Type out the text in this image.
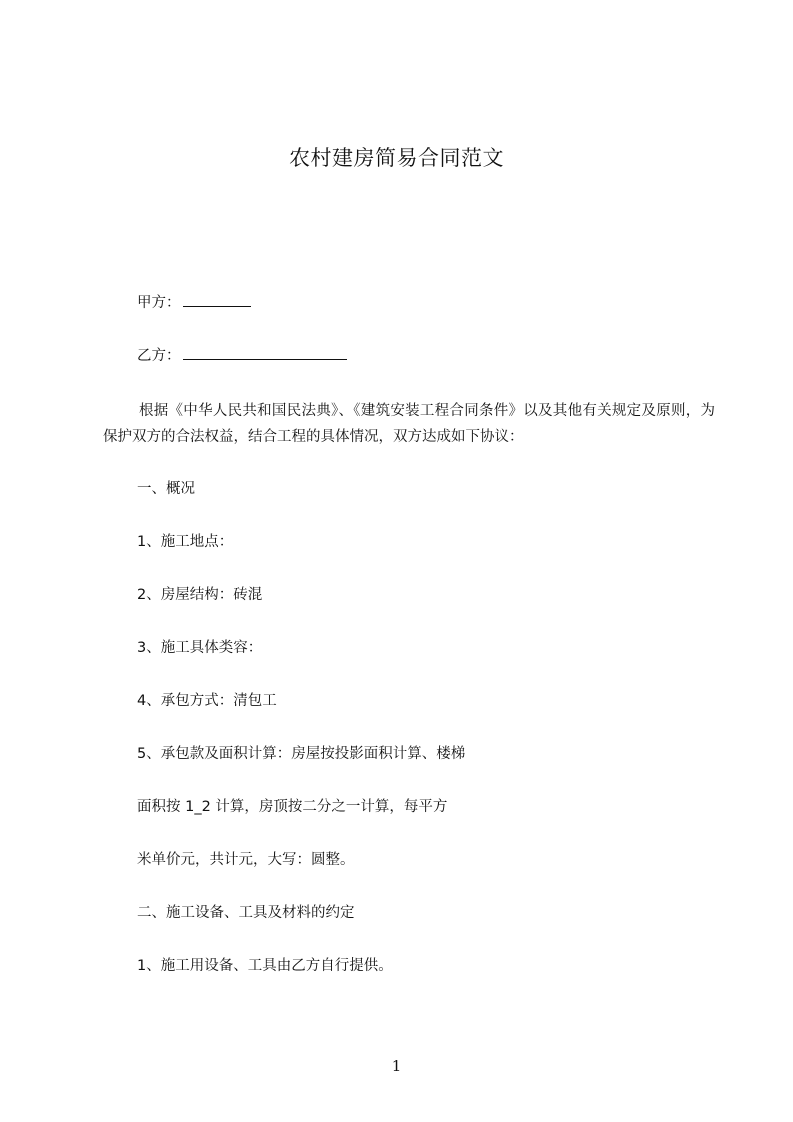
农村建房简易合同范文
甲方：
乙方：
根据《中华人民共和国民法典》、《建筑安装工程合同条件》以及其他有关规定及原则，为保护双方的合法权益，结合工程的具体情况，双方达成如下协议：
一、概况
1、施工地点：
2、房屋结构：砖混
3、施工具体类容：
4、承包方式：清包工
5、承包款及面积计算：房屋按投影面积计算、楼梯
面积按 1_2 计算，房顶按二分之一计算，每平方
米单价元，共计元，大写：圆整。
二、施工设备、工具及材料的约定
1、施工用设备、工具由乙方自行提供。
1
